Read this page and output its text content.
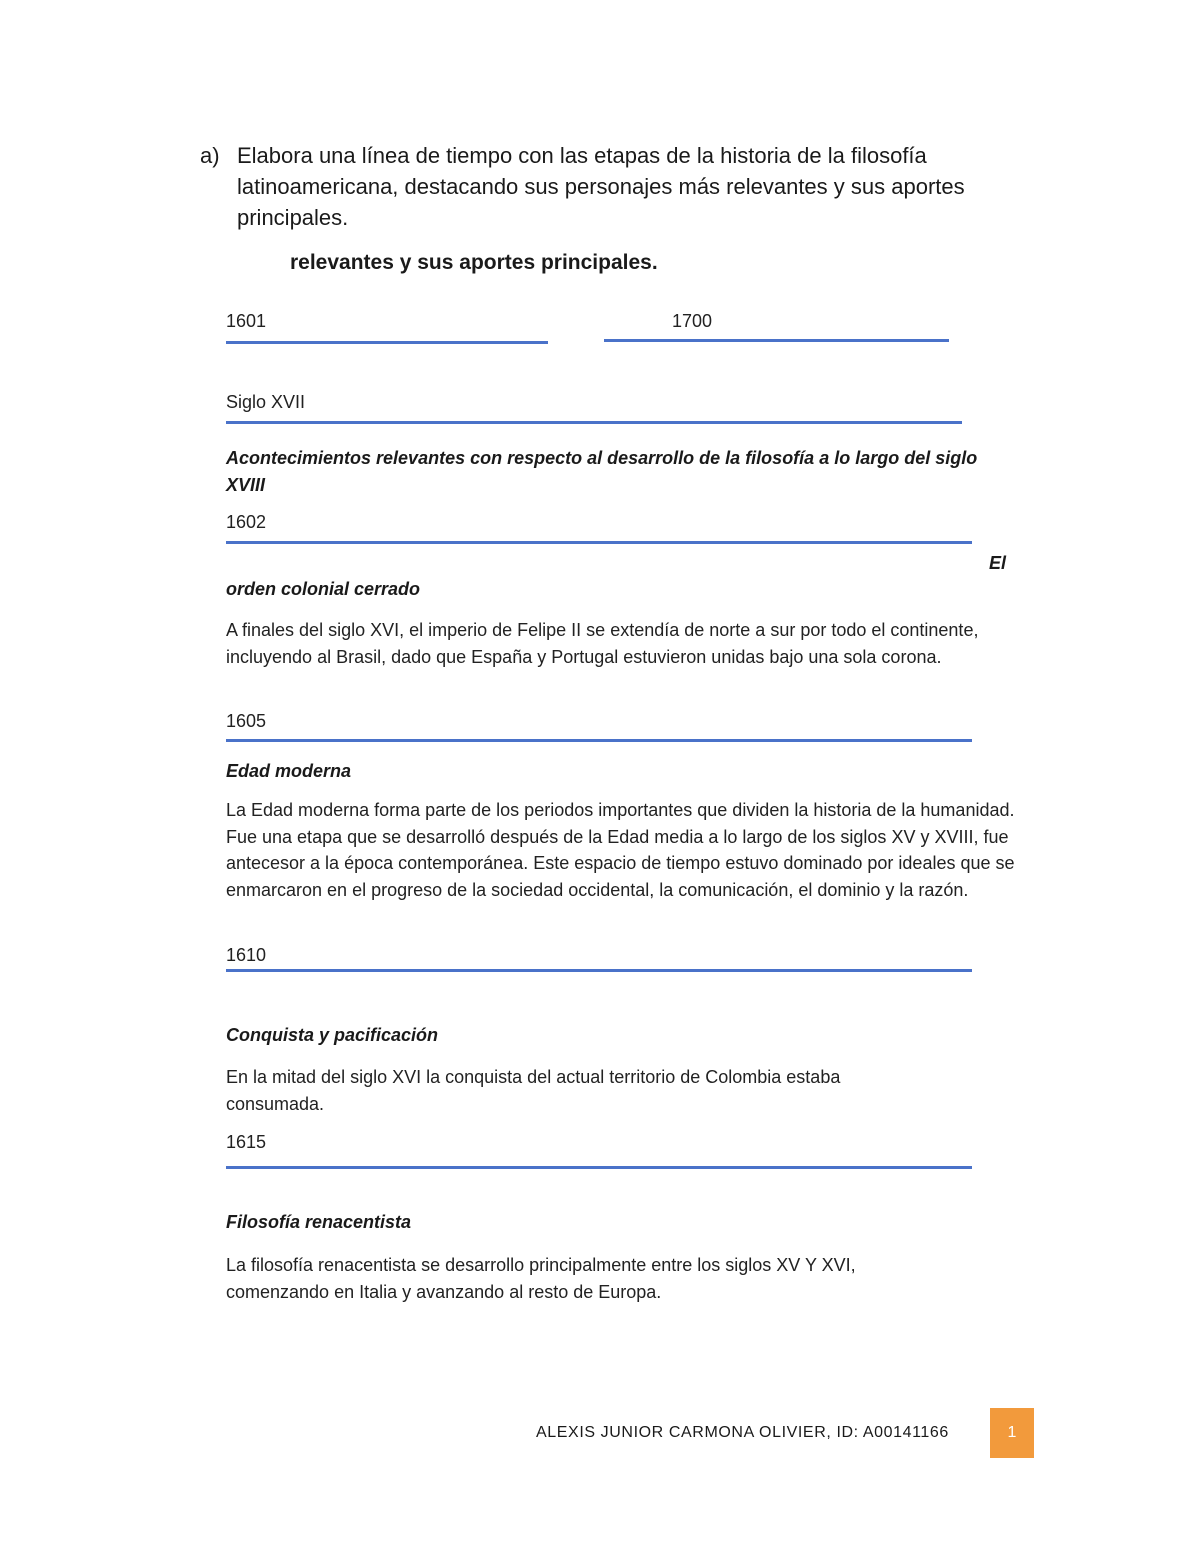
a) Elabora una línea de tiempo con las etapas de la historia de la filosofía latinoamericana, destacando sus personajes más relevantes y sus aportes principales.
relevantes y sus aportes principales.
1601	1700
Siglo XVII
Acontecimientos relevantes con respecto al desarrollo de la filosofía a lo largo del siglo XVIII
1602
El
orden colonial cerrado
A finales del siglo XVI, el imperio de Felipe II se extendía de norte a sur por todo el continente, incluyendo al Brasil, dado que España y Portugal estuvieron unidas bajo una sola corona.
1605
Edad moderna
La Edad moderna forma parte de los periodos importantes que dividen la historia de la humanidad. Fue una etapa que se desarrolló después de la Edad media a lo largo de los siglos XV y XVIII, fue antecesor a la época contemporánea. Este espacio de tiempo estuvo dominado por ideales que se enmarcaron en el progreso de la sociedad occidental, la comunicación, el dominio y la razón.
1610
Conquista y pacificación
En la mitad del siglo XVI la conquista del actual territorio de Colombia estaba consumada.
1615
Filosofía renacentista
La filosofía renacentista se desarrollo principalmente entre los siglos XV Y XVI, comenzando en Italia y avanzando al resto de Europa.
ALEXIS JUNIOR CARMONA OLIVIER, ID: A00141166	1
